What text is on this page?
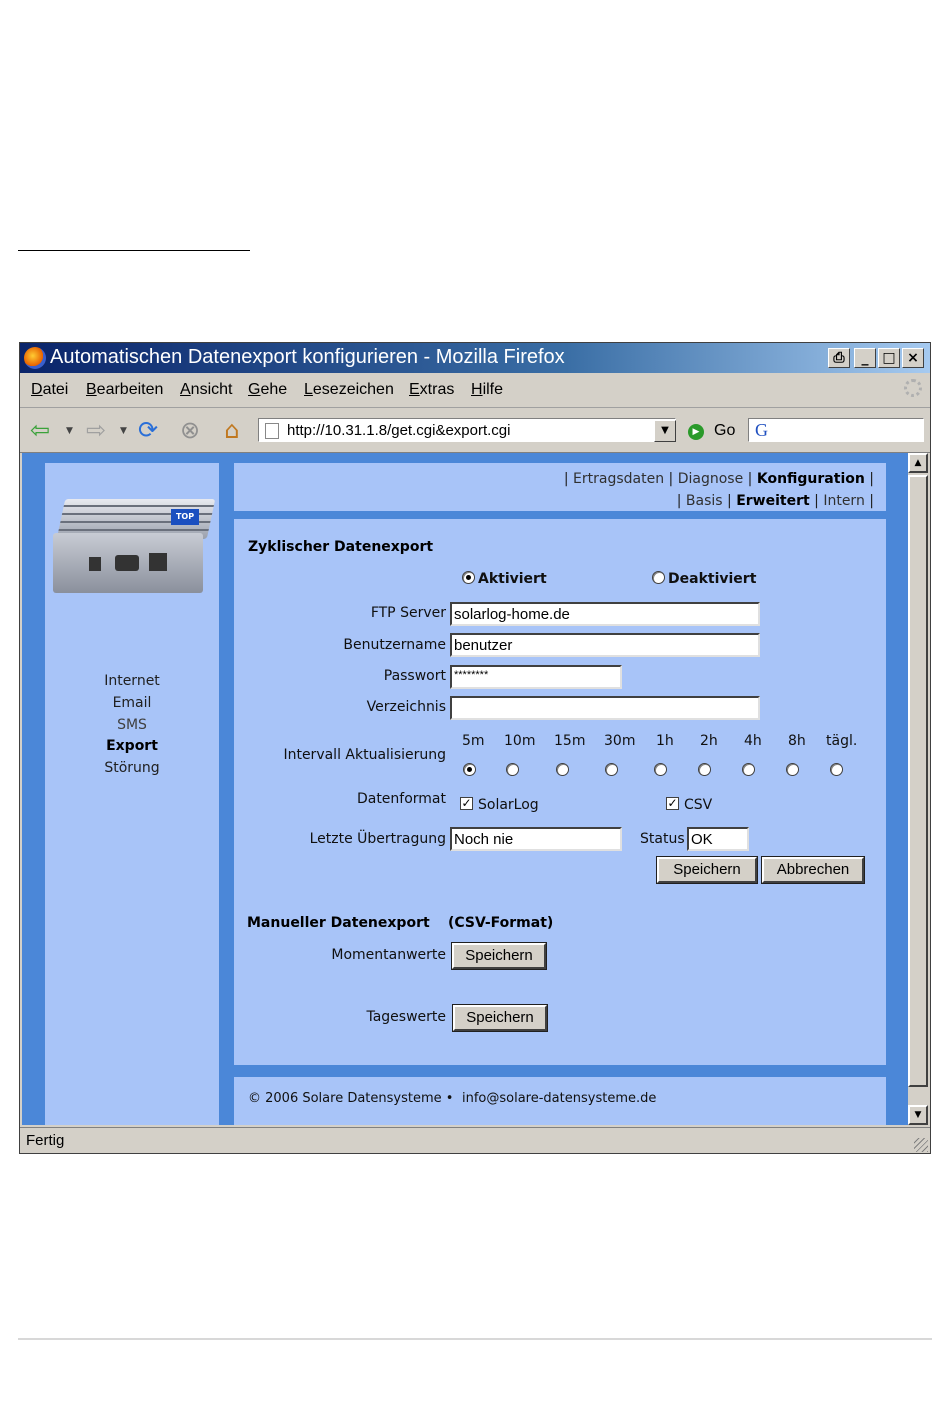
Automatischen Datenexport konfigurieren - Mozilla Firefox	⎙	_ □ ×
Datei Bearbeiten Ansicht Gehe Lesezeichen Extras Hilfe
⇦	▼ ⇨	▼ ⟳ ⊗ ⌂	http://10.31.1.8/get.cgi&export.cgi	▼	▶ Go G
TOP
Internet
Email
SMS
Export
Störung
| Ertragsdaten | Diagnose | Konfiguration |
| Basis | Erweitert | Intern |
Zyklischer Datenexport
Aktiviert	Deaktiviert
FTP Server solarlog-home.de
Benutzername benutzer
Passwort ********
Verzeichnis
Intervall Aktualisierung
5m 10m 15m 30m 1h 2h 4h 8h tägl.
Datenformat ✓ SolarLog	✓ CSV
Letzte Übertragung Noch nie	Status OK
Speichern	Abbrechen
Manueller Datenexport (CSV-Format)
Momentanwerte	Speichern
Tageswerte	Speichern
© 2006 Solare Datensysteme • info@solare-datensysteme.de
▲
▼
Fertig
